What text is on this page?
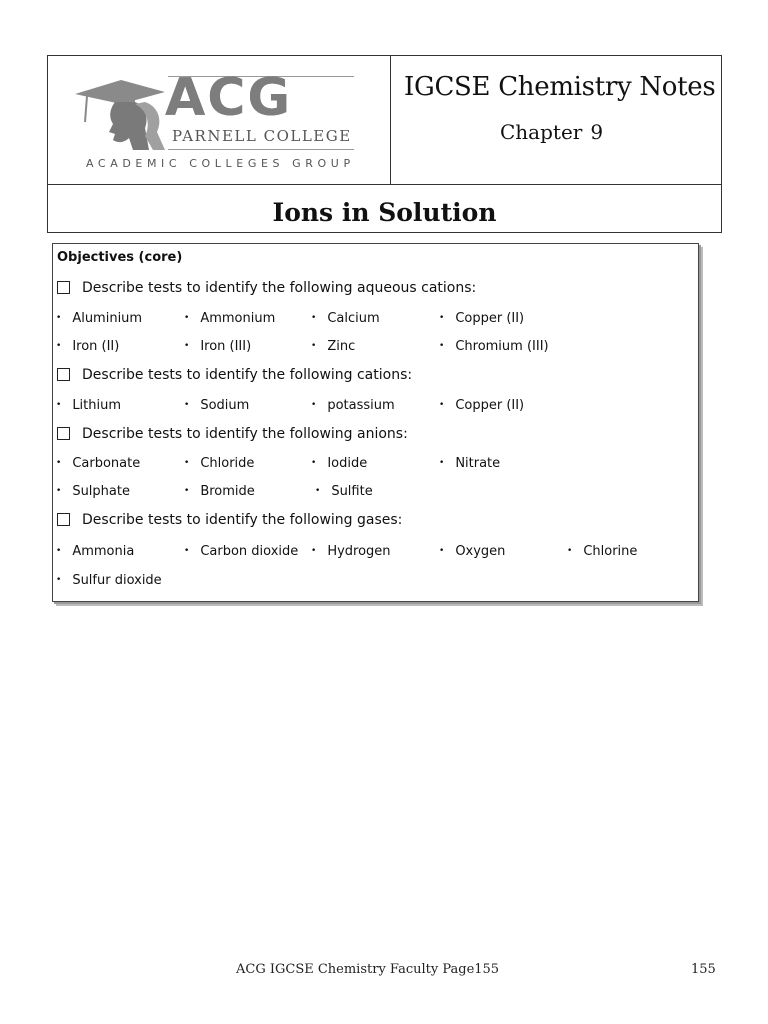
ACG
PARNELL COLLEGE
ACADEMIC COLLEGES GROUP
IGCSE Chemistry Notes
Chapter 9
Ions in Solution
Objectives (core)
Describe tests to identify the following aqueous cations:
• Aluminium	• Ammonium	• Calcium	• Copper (II)
• Iron (II)	• Iron (III)	• Zinc	• Chromium (III)
Describe tests to identify the following cations:
• Lithium	• Sodium	• potassium	• Copper (II)
Describe tests to identify the following anions:
• Carbonate	• Chloride	• Iodide	• Nitrate
• Sulphate	• Bromide	• Sulfite
Describe tests to identify the following gases:
• Ammonia	• Carbon dioxide	• Hydrogen	• Oxygen	• Chlorine
• Sulfur dioxide
ACG IGCSE Chemistry Faculty Page155	155
